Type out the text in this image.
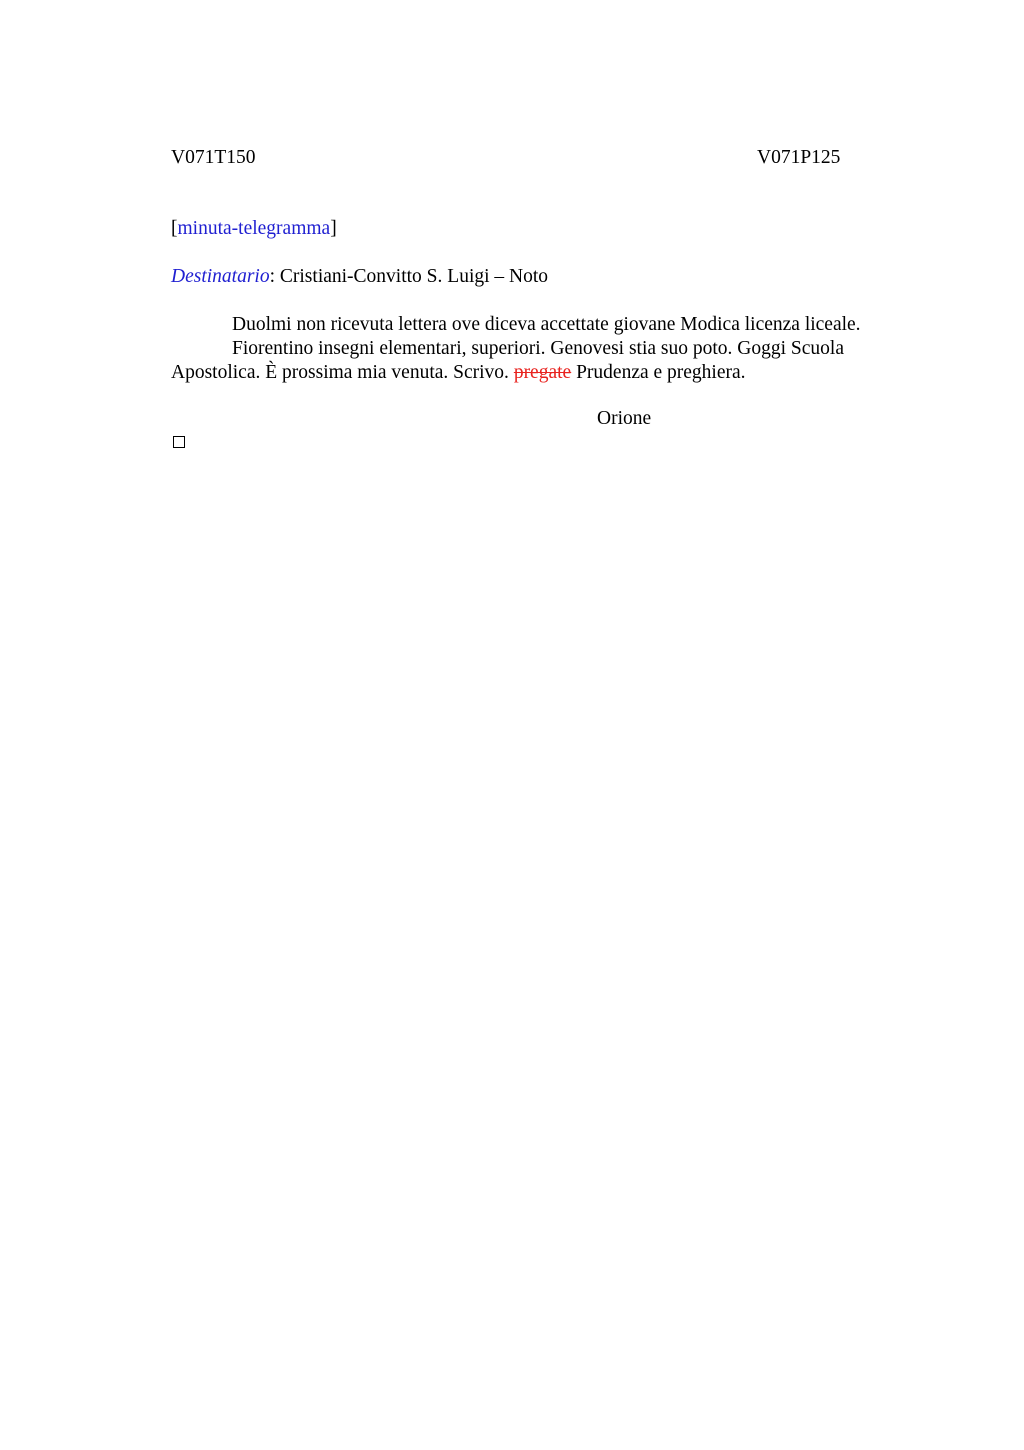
V071T150	V071P125
[minuta-telegramma]
Destinatario: Cristiani-Convitto S. Luigi – Noto
Duolmi non ricevuta lettera ove diceva accettate giovane Modica licenza liceale.
Fiorentino insegni elementari, superiori. Genovesi stia suo poto. Goggi Scuola
Apostolica. È prossima mia venuta. Scrivo. pregate Prudenza e preghiera.
Orione
